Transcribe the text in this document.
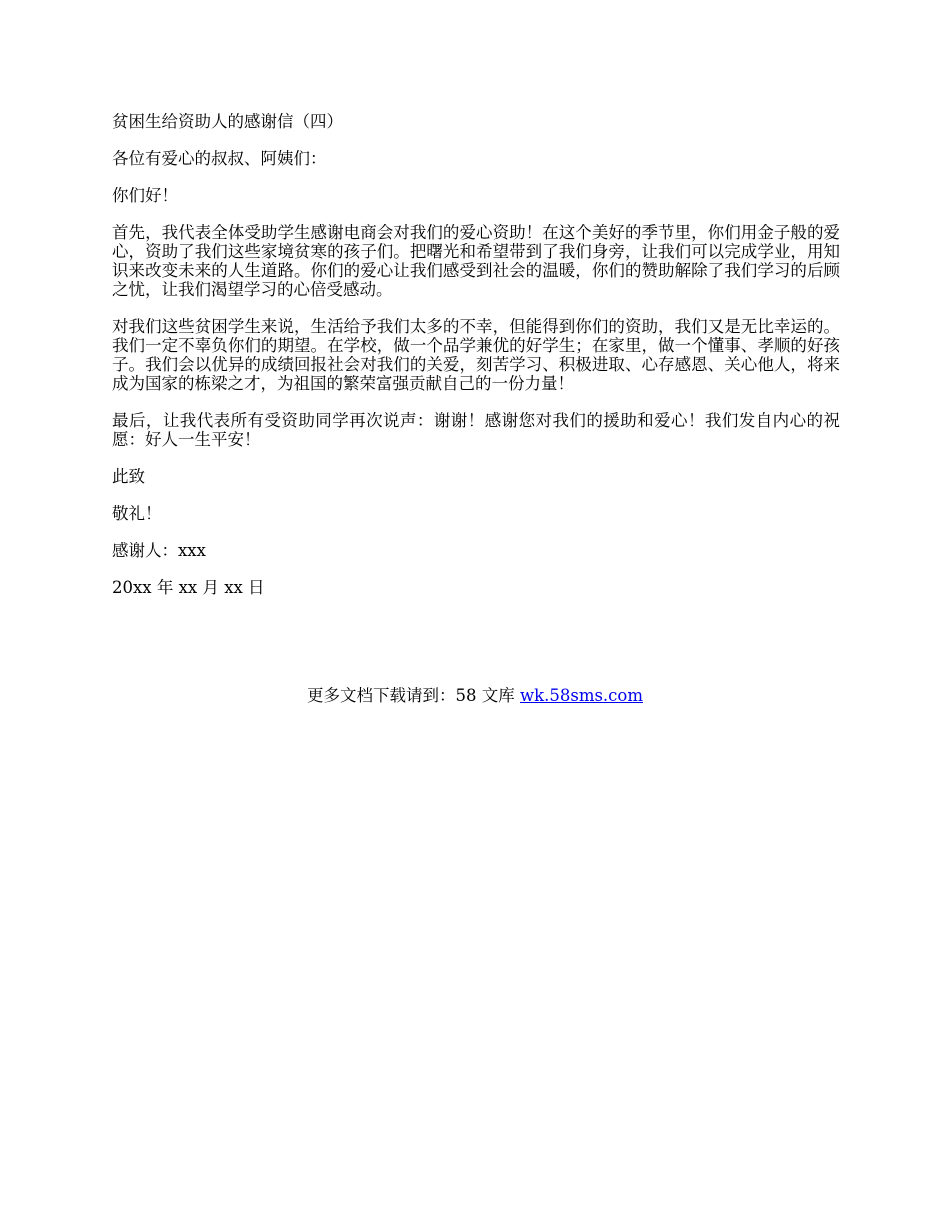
贫困生给资助人的感谢信（四）

各位有爱心的叔叔、阿姨们：

你们好！

首先，我代表全体受助学生感谢电商会对我们的爱心资助！在这个美好的季节里，你们用金子般的爱心，资助了我们这些家境贫寒的孩子们。把曙光和希望带到了我们身旁，让我们可以完成学业，用知识来改变未来的人生道路。你们的爱心让我们感受到社会的温暖，你们的赞助解除了我们学习的后顾之忧，让我们渴望学习的心倍受感动。

对我们这些贫困学生来说，生活给予我们太多的不幸，但能得到你们的资助，我们又是无比幸运的。我们一定不辜负你们的期望。在学校，做一个品学兼优的好学生；在家里，做一个懂事、孝顺的好孩子。我们会以优异的成绩回报社会对我们的关爱，刻苦学习、积极进取、心存感恩、关心他人，将来成为国家的栋梁之才，为祖国的繁荣富强贡献自己的一份力量！

最后，让我代表所有受资助同学再次说声：谢谢！感谢您对我们的援助和爱心！我们发自内心的祝愿：好人一生平安！

此致

敬礼！

感谢人：xxx

20xx 年 xx 月 xx 日

更多文档下载请到：58 文库 wk.58sms.com
